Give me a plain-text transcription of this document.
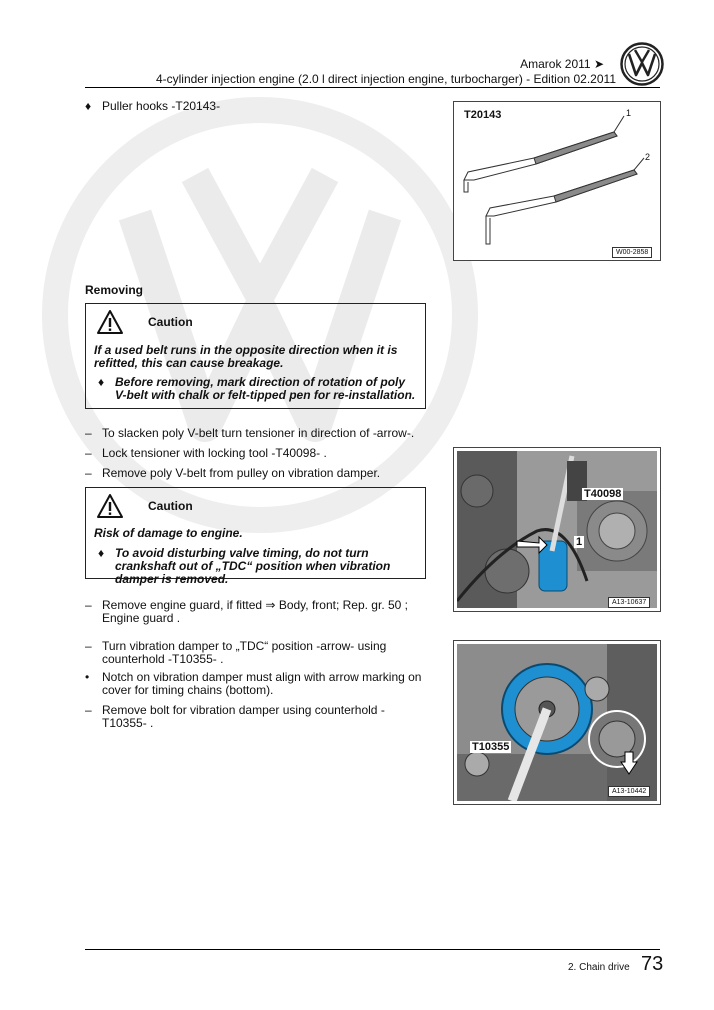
Amarok 2011 ➤
4-cylinder injection engine (2.0 l direct injection engine, turbocharger) - Edition 02.2011
♦ Puller hooks -T20143-
T20143	1
2
W00-2858
Removing
Caution
If a used belt runs in the opposite direction when it is refitted, this can cause breakage.
♦ Before removing, mark direction of rotation of poly V-belt with chalk or felt-tipped pen for re-installation.
– To slacken poly V-belt turn tensioner in direction of -arrow-.
– Lock tensioner with locking tool -T40098- .
– Remove poly V-belt from pulley on vibration damper.
Caution
Risk of damage to engine.
♦ To avoid disturbing valve timing, do not turn crankshaft out of „TDC“ position when vibration damper is removed.
T40098
1
A13-10637
– Remove engine guard, if fitted ⇒ Body, front; Rep. gr. 50 ; Engine guard .
– Turn vibration damper to „TDC“ position -arrow- using counterhold -T10355- .
•	Notch on vibration damper must align with arrow marking on cover for timing chains (bottom).
– Remove bolt for vibration damper using counterhold -T10355- .
T10355
A13-10442
2. Chain drive 73
